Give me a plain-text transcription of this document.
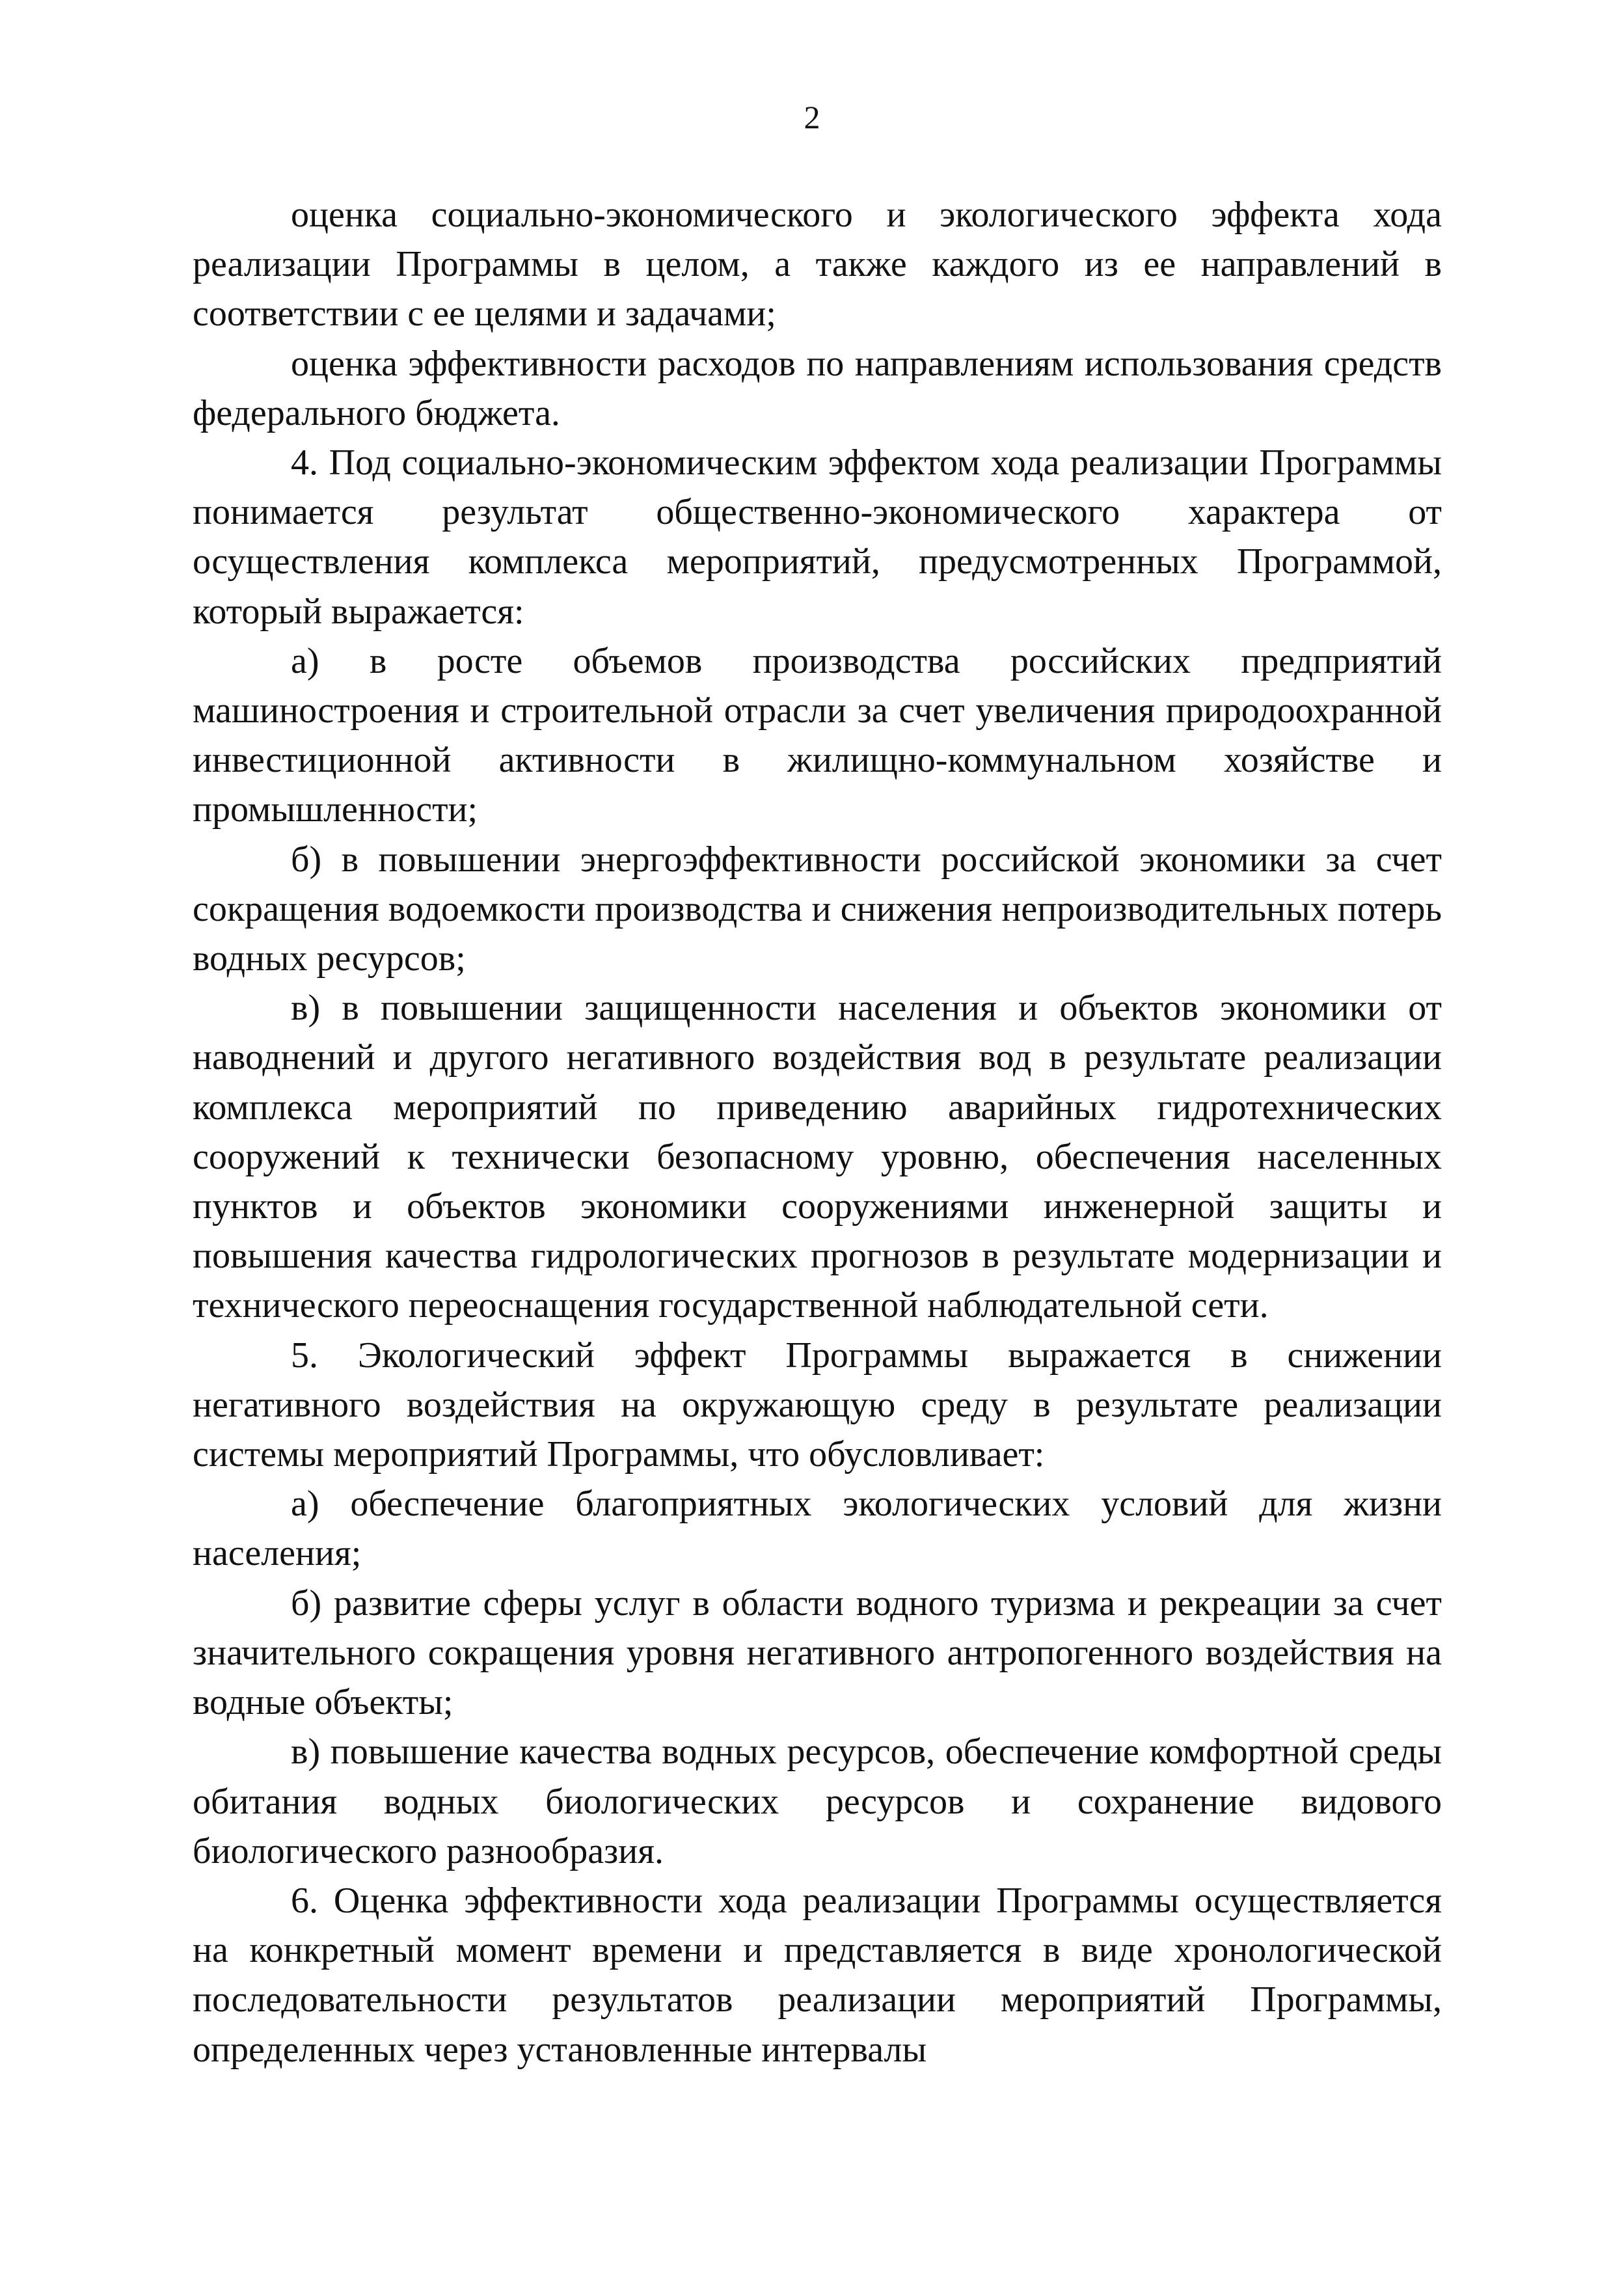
2

оценка социально-экономического и экологического эффекта хода реализации Программы в целом, а также каждого из ее направлений в соответствии с ее целями и задачами;

оценка эффективности расходов по направлениям использования средств федерального бюджета.

4. Под социально-экономическим эффектом хода реализации Программы понимается результат общественно-экономического характера от осуществления комплекса мероприятий, предусмотренных Программой, который выражается:

а) в росте объемов производства российских предприятий машиностроения и строительной отрасли за счет увеличения природоохранной инвестиционной активности в жилищно-коммунальном хозяйстве и промышленности;

б) в повышении энергоэффективности российской экономики за счет сокращения водоемкости производства и снижения непроизводительных потерь водных ресурсов;

в) в повышении защищенности населения и объектов экономики от наводнений и другого негативного воздействия вод в результате реализации комплекса мероприятий по приведению аварийных гидротехнических сооружений к технически безопасному уровню, обеспечения населенных пунктов и объектов экономики сооружениями инженерной защиты и повышения качества гидрологических прогнозов в результате модернизации и технического переоснащения государственной наблюдательной сети.

5. Экологический эффект Программы выражается в снижении негативного воздействия на окружающую среду в результате реализации системы мероприятий Программы, что обусловливает:

а) обеспечение благоприятных экологических условий для жизни населения;

б) развитие сферы услуг в области водного туризма и рекреации за счет значительного сокращения уровня негативного антропогенного воздействия на водные объекты;

в) повышение качества водных ресурсов, обеспечение комфортной среды обитания водных биологических ресурсов и сохранение видового биологического разнообразия.

6. Оценка эффективности хода реализации Программы осуществляется на конкретный момент времени и представляется в виде хронологической последовательности результатов реализации мероприятий Программы, определенных через установленные интервалы
